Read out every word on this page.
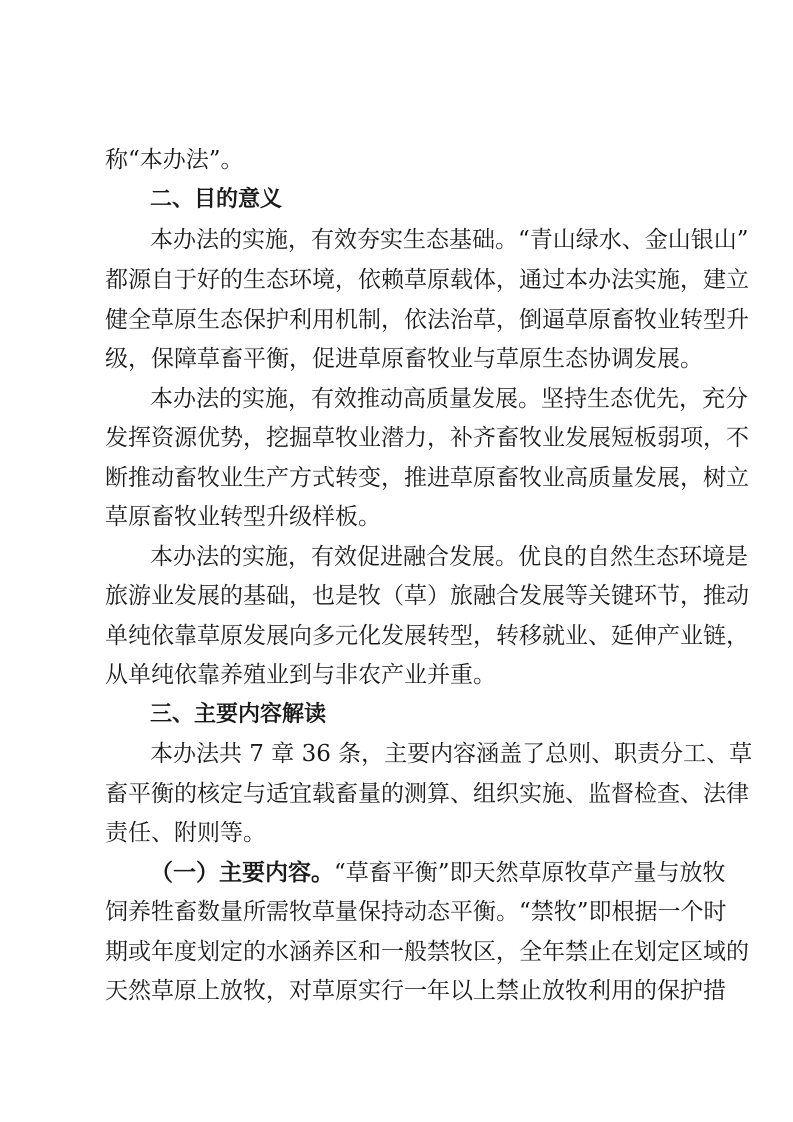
称“本办法”。
二、目的意义
本办法的实施，有效夯实生态基础。“青山绿水、金山银山”
都源自于好的生态环境，依赖草原载体，通过本办法实施，建立
健全草原生态保护利用机制，依法治草，倒逼草原畜牧业转型升
级，保障草畜平衡，促进草原畜牧业与草原生态协调发展。
本办法的实施，有效推动高质量发展。坚持生态优先，充分
发挥资源优势，挖掘草牧业潜力，补齐畜牧业发展短板弱项，不
断推动畜牧业生产方式转变，推进草原畜牧业高质量发展，树立
草原畜牧业转型升级样板。
本办法的实施，有效促进融合发展。优良的自然生态环境是
旅游业发展的基础，也是牧（草）旅融合发展等关键环节，推动
单纯依靠草原发展向多元化发展转型，转移就业、延伸产业链，
从单纯依靠养殖业到与非农产业并重。
三、主要内容解读
本办法共 7 章 36 条，主要内容涵盖了总则、职责分工、草
畜平衡的核定与适宜载畜量的测算、组织实施、监督检查、法律
责任、附则等。
（一）主要内容。“草畜平衡”即天然草原牧草产量与放牧
饲养牲畜数量所需牧草量保持动态平衡。“禁牧”即根据一个时
期或年度划定的水涵养区和一般禁牧区，全年禁止在划定区域的
天然草原上放牧，对草原实行一年以上禁止放牧利用的保护措
